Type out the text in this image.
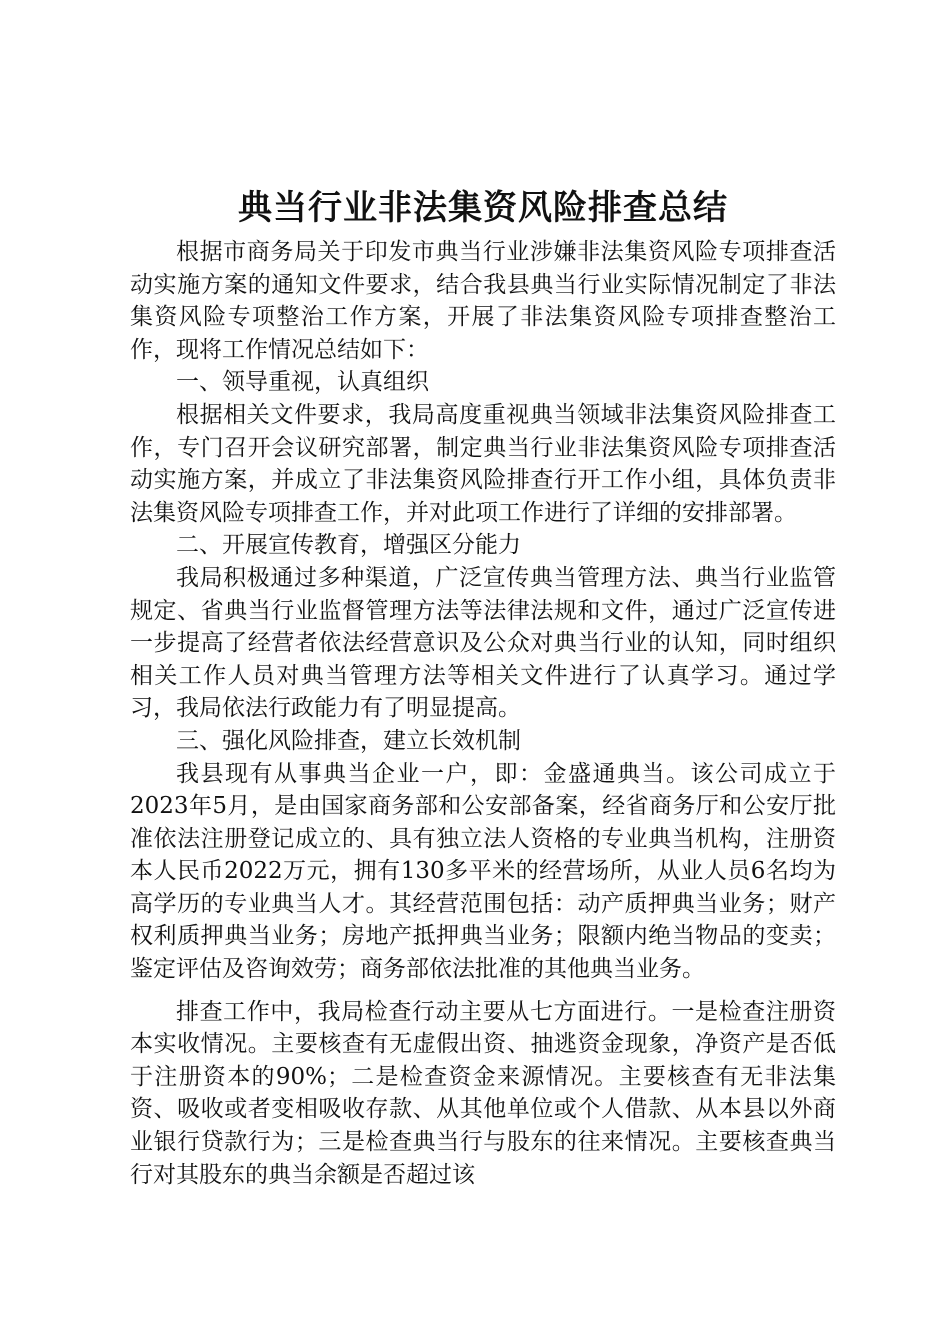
典当行业非法集资风险排查总结

根据市商务局关于印发市典当行业涉嫌非法集资风险专项排查活动实施方案的通知文件要求，结合我县典当行业实际情况制定了非法集资风险专项整治工作方案，开展了非法集资风险专项排查整治工作，现将工作情况总结如下：

一、领导重视，认真组织

根据相关文件要求，我局高度重视典当领域非法集资风险排查工作，专门召开会议研究部署，制定典当行业非法集资风险专项排查活动实施方案，并成立了非法集资风险排查行开工作小组，具体负责非法集资风险专项排查工作，并对此项工作进行了详细的安排部署。

二、开展宣传教育，增强区分能力

我局积极通过多种渠道，广泛宣传典当管理方法、典当行业监管规定、省典当行业监督管理方法等法律法规和文件，通过广泛宣传进一步提高了经营者依法经营意识及公众对典当行业的认知，同时组织相关工作人员对典当管理方法等相关文件进行了认真学习。通过学习，我局依法行政能力有了明显提高。

三、强化风险排查，建立长效机制

我县现有从事典当企业一户，即：金盛通典当。该公司成立于2023年5月，是由国家商务部和公安部备案，经省商务厅和公安厅批准依法注册登记成立的、具有独立法人资格的专业典当机构，注册资本人民币2022万元，拥有130多平米的经营场所，从业人员6名均为高学历的专业典当人才。其经营范围包括：动产质押典当业务；财产权利质押典当业务；房地产抵押典当业务；限额内绝当物品的变卖；鉴定评估及咨询效劳；商务部依法批准的其他典当业务。

排查工作中，我局检查行动主要从七方面进行。一是检查注册资本实收情况。主要核查有无虚假出资、抽逃资金现象，净资产是否低于注册资本的90%；二是检查资金来源情况。主要核查有无非法集资、吸收或者变相吸收存款、从其他单位或个人借款、从本县以外商业银行贷款行为；三是检查典当行与股东的往来情况。主要核查典当行对其股东的典当余额是否超过该
